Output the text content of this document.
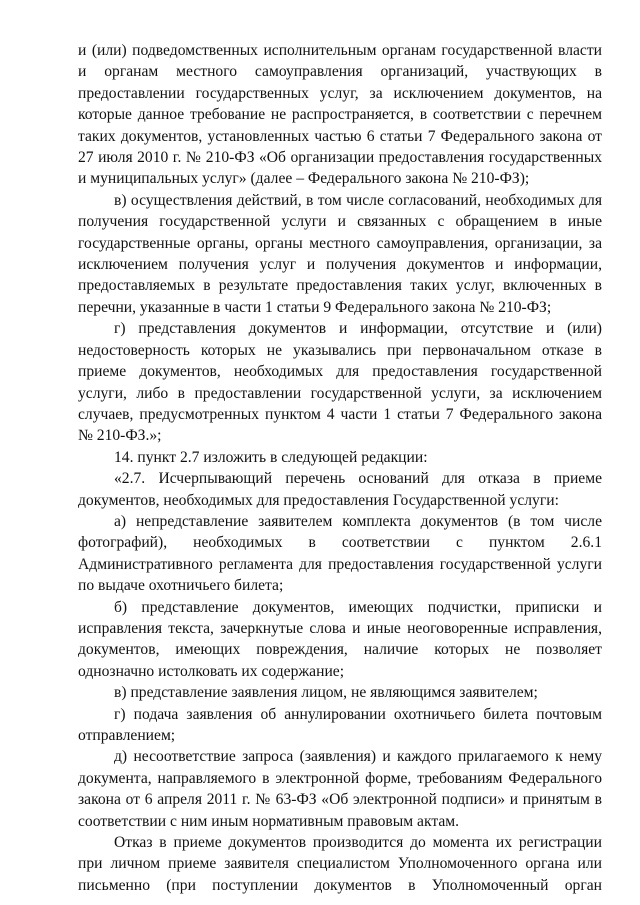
и (или) подведомственных исполнительным органам государственной власти и органам местного самоуправления организаций, участвующих в предоставлении государственных услуг, за исключением документов, на которые данное требование не распространяется, в соответствии с перечнем таких документов, установленных частью 6 статьи 7 Федерального закона от 27 июля 2010 г. № 210-ФЗ «Об организации предоставления государственных и муниципальных услуг» (далее – Федерального закона № 210-ФЗ);

в) осуществления действий, в том числе согласований, необходимых для получения государственной услуги и связанных с обращением в иные государственные органы, органы местного самоуправления, организации, за исключением получения услуг и получения документов и информации, предоставляемых в результате предоставления таких услуг, включенных в перечни, указанные в части 1 статьи 9 Федерального закона № 210-ФЗ;

г) представления документов и информации, отсутствие и (или) недостоверность которых не указывались при первоначальном отказе в приеме документов, необходимых для предоставления государственной услуги, либо в предоставлении государственной услуги, за исключением случаев, предусмотренных пунктом 4 части 1 статьи 7 Федерального закона № 210-ФЗ.»;

14. пункт 2.7 изложить в следующей редакции:

«2.7. Исчерпывающий перечень оснований для отказа в приеме документов, необходимых для предоставления Государственной услуги:

а) непредставление заявителем комплекта документов (в том числе фотографий), необходимых в соответствии с пунктом 2.6.1 Административного регламента для предоставления государственной услуги по выдаче охотничьего билета;

б) представление документов, имеющих подчистки, приписки и исправления текста, зачеркнутые слова и иные неоговоренные исправления, документов, имеющих повреждения, наличие которых не позволяет однозначно истолковать их содержание;

в) представление заявления лицом, не являющимся заявителем;

г) подача заявления об аннулировании охотничьего билета почтовым отправлением;

д) несоответствие запроса (заявления) и каждого прилагаемого к нему документа, направляемого в электронной форме, требованиям Федерального закона от 6 апреля 2011 г. № 63-ФЗ «Об электронной подписи» и принятым в соответствии с ним иным нормативным правовым актам.

Отказ в приеме документов производится до момента их регистрации при личном приеме заявителя специалистом Уполномоченного органа или письменно (при поступлении документов в Уполномоченный орган
